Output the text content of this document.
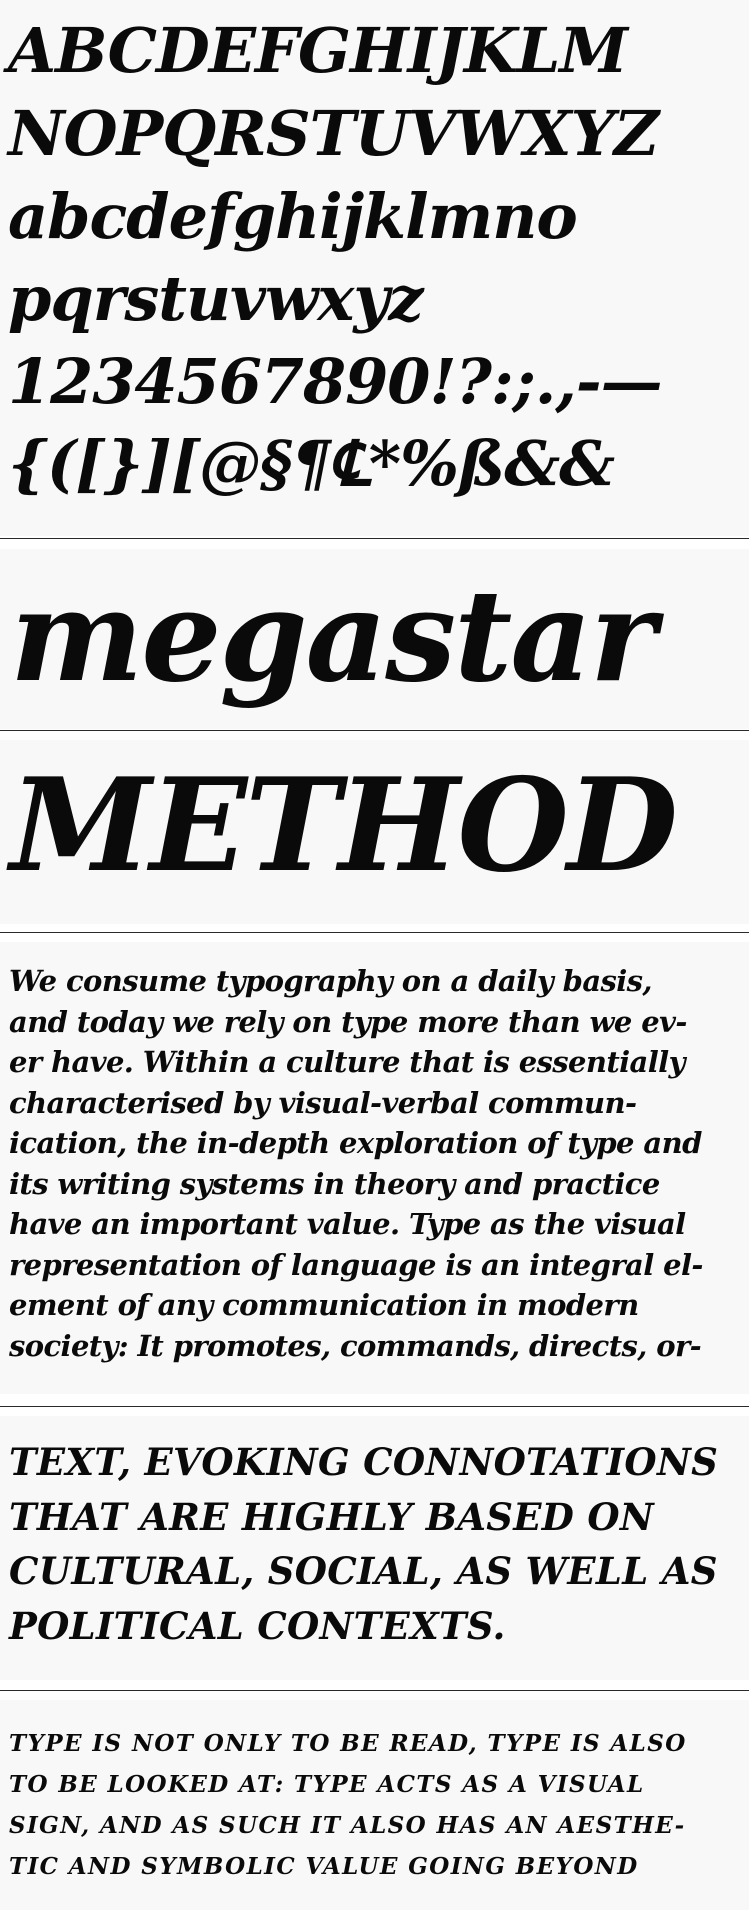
ABCDEFGHIJKLM
NOPQRSTUVWXYZ
abcdefghijklmno
pqrstuvwxyz
1234567890!?:;.,-—
{([}][@§¶℄*%ß&&
megastar
METHOD
We consume typography on a daily basis,
and today we rely on type more than we ev-
er have. Within a culture that is essentially
characterised by visual-verbal commun-
ication, the in-depth exploration of type and
its writing systems in theory and practice
have an important value. Type as the visual
representation of language is an integral el-
ement of any communication in modern
society: It promotes, commands, directs, or-
TEXT, EVOKING CONNOTATIONS
THAT ARE HIGHLY BASED ON
CULTURAL, SOCIAL, AS WELL AS
POLITICAL CONTEXTS.
TYPE IS NOT ONLY TO BE READ, TYPE IS ALSO
TO BE LOOKED AT: TYPE ACTS AS A VISUAL
SIGN, AND AS SUCH IT ALSO HAS AN AESTHE-
TIC AND SYMBOLIC VALUE GOING BEYOND
